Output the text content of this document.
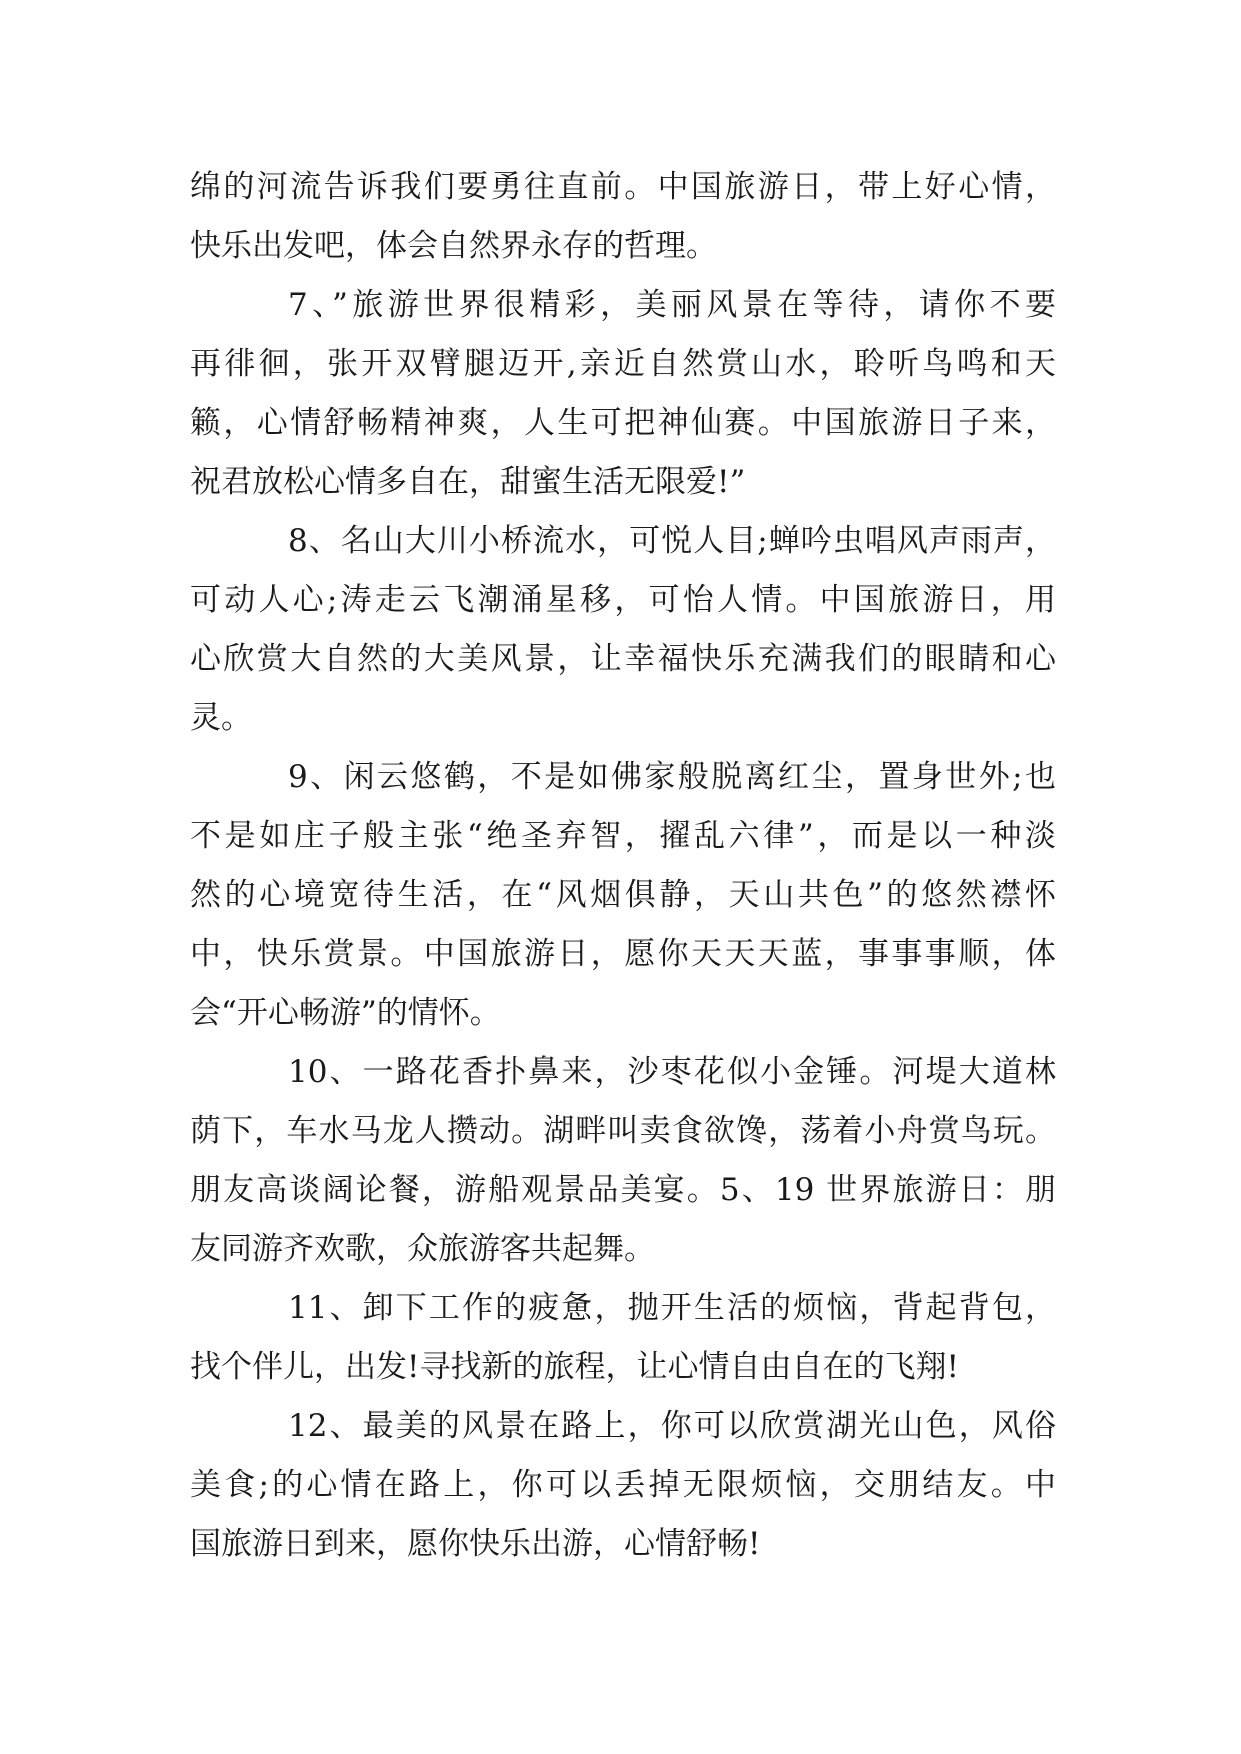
绵的河流告诉我们要勇往直前。中国旅游日，带上好心情，
快乐出发吧，体会自然界永存的哲理。

7、”旅游世界很精彩，美丽风景在等待，请你不要
再徘徊，张开双臂腿迈开,亲近自然赏山水，聆听鸟鸣和天
籁，心情舒畅精神爽，人生可把神仙赛。中国旅游日子来，
祝君放松心情多自在，甜蜜生活无限爱!”

8、名山大川小桥流水，可悦人目;蝉吟虫唱风声雨声，
可动人心;涛走云飞潮涌星移，可怡人情。中国旅游日，用
心欣赏大自然的大美风景，让幸福快乐充满我们的眼睛和心
灵。

9、闲云悠鹤，不是如佛家般脱离红尘，置身世外;也
不是如庄子般主张“绝圣弃智，擢乱六律”，而是以一种淡
然的心境宽待生活，在“风烟俱静，天山共色”的悠然襟怀
中，快乐赏景。中国旅游日，愿你天天天蓝，事事事顺，体
会“开心畅游”的情怀。

10、一路花香扑鼻来，沙枣花似小金锤。河堤大道林
荫下，车水马龙人攒动。湖畔叫卖食欲馋，荡着小舟赏鸟玩。
朋友高谈阔论餐，游船观景品美宴。5、19 世界旅游日：朋
友同游齐欢歌，众旅游客共起舞。

11、卸下工作的疲惫，抛开生活的烦恼，背起背包，
找个伴儿，出发!寻找新的旅程，让心情自由自在的飞翔!

12、最美的风景在路上，你可以欣赏湖光山色，风俗
美食;的心情在路上，你可以丢掉无限烦恼，交朋结友。中
国旅游日到来，愿你快乐出游，心情舒畅!
